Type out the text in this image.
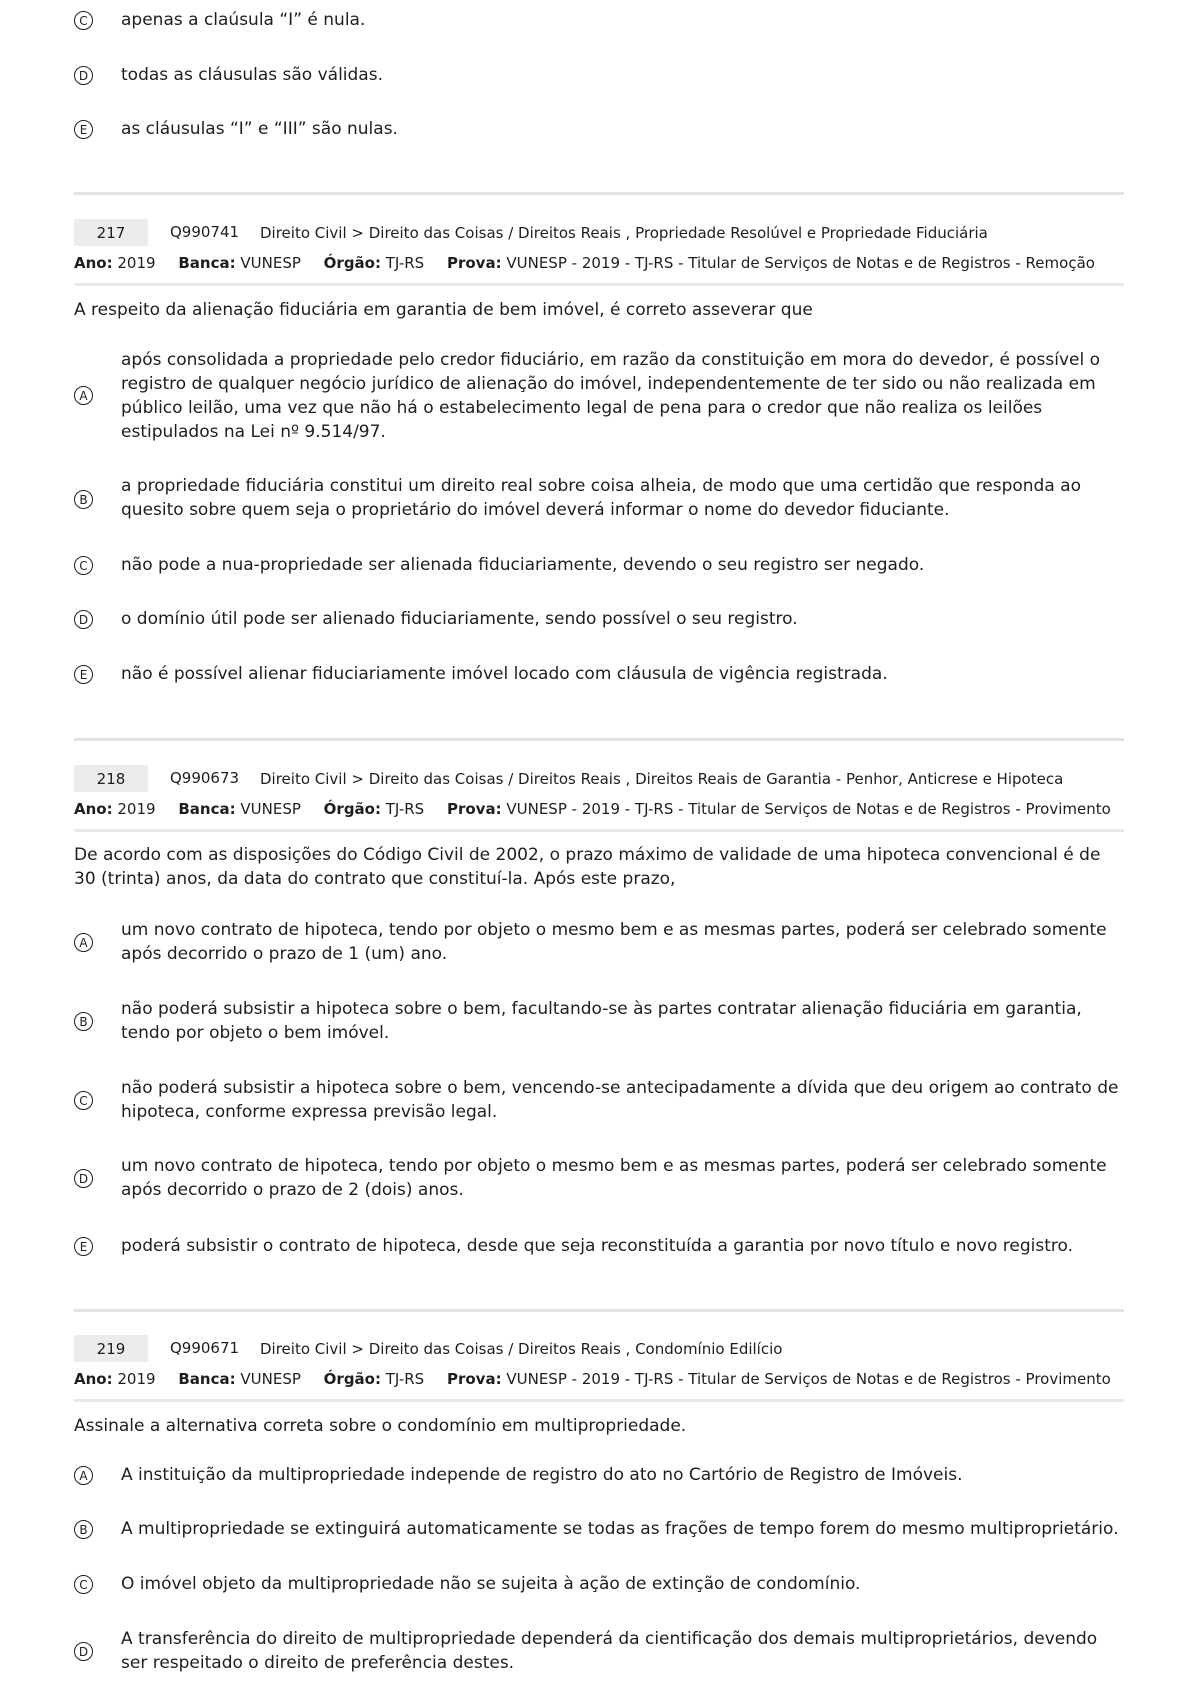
C	apenas a claúsula “I” é nula.
D todas as cláusulas são válidas.
E	as cláusulas “I” e “III” são nulas.
217	Q990741 Direito Civil > Direito das Coisas / Direitos Reais , Propriedade Resolúvel e Propriedade Fiduciária
Ano: 2019 Banca: VUNESP Órgão: TJ-RS Prova: VUNESP - 2019 - TJ-RS - Titular de Serviços de Notas e de Registros - Remoção
A respeito da alienação fiduciária em garantia de bem imóvel, é correto asseverar que
A
após consolidada a propriedade pelo credor fiduciário, em razão da constituição em mora do devedor, é possível o registro de qualquer negócio jurídico de alienação do imóvel, independentemente de ter sido ou não realizada em público leilão, uma vez que não há o estabelecimento legal de pena para o credor que não realiza os leilões estipulados na Lei nº 9.514/97.
B
a propriedade fiduciária constitui um direito real sobre coisa alheia, de modo que uma certidão que responda ao quesito sobre quem seja o proprietário do imóvel deverá informar o nome do devedor fiduciante.
C	não pode a nua-propriedade ser alienada fiduciariamente, devendo o seu registro ser negado.
D o domínio útil pode ser alienado fiduciariamente, sendo possível o seu registro.
E	não é possível alienar fiduciariamente imóvel locado com cláusula de vigência registrada.
218	Q990673 Direito Civil > Direito das Coisas / Direitos Reais , Direitos Reais de Garantia - Penhor, Anticrese e Hipoteca
Ano: 2019 Banca: VUNESP Órgão: TJ-RS Prova: VUNESP - 2019 - TJ-RS - Titular de Serviços de Notas e de Registros - Provimento
De acordo com as disposições do Código Civil de 2002, o prazo máximo de validade de uma hipoteca convencional é de 30 (trinta) anos, da data do contrato que constituí-la. Após este prazo,
A
um novo contrato de hipoteca, tendo por objeto o mesmo bem e as mesmas partes, poderá ser celebrado somente após decorrido o prazo de 1 (um) ano.
B
não poderá subsistir a hipoteca sobre o bem, facultando-se às partes contratar alienação fiduciária em garantia, tendo por objeto o bem imóvel.
C
não poderá subsistir a hipoteca sobre o bem, vencendo-se antecipadamente a dívida que deu origem ao contrato de hipoteca, conforme expressa previsão legal.
D
um novo contrato de hipoteca, tendo por objeto o mesmo bem e as mesmas partes, poderá ser celebrado somente após decorrido o prazo de 2 (dois) anos.
E	poderá subsistir o contrato de hipoteca, desde que seja reconstituída a garantia por novo título e novo registro.
219	Q990671 Direito Civil > Direito das Coisas / Direitos Reais , Condomínio Edilício
Ano: 2019 Banca: VUNESP Órgão: TJ-RS Prova: VUNESP - 2019 - TJ-RS - Titular de Serviços de Notas e de Registros - Provimento
Assinale a alternativa correta sobre o condomínio em multipropriedade.
A	A instituição da multipropriedade independe de registro do ato no Cartório de Registro de Imóveis.
B	A multipropriedade se extinguirá automaticamente se todas as frações de tempo forem do mesmo multiproprietário.
C	O imóvel objeto da multipropriedade não se sujeita à ação de extinção de condomínio.
D
A transferência do direito de multipropriedade dependerá da cientificação dos demais multiproprietários, devendo ser respeitado o direito de preferência destes.
